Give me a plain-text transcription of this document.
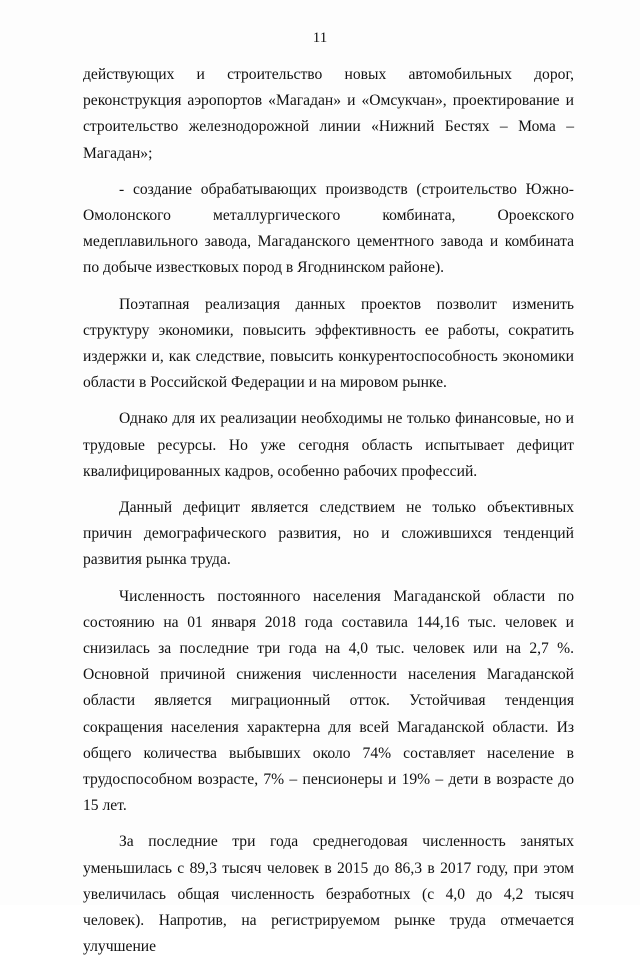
11

действующих и строительство новых автомобильных дорог, реконструкция аэропортов «Магадан» и «Омсукчан», проектирование и строительство железнодорожной линии «Нижний Бестях – Мома – Магадан»;

- создание обрабатывающих производств (строительство Южно-Омолонского металлургического комбината, Ороекского медеплавильного завода, Магаданского цементного завода и комбината по добыче известковых пород в Ягоднинском районе).

Поэтапная реализация данных проектов позволит изменить структуру экономики, повысить эффективность ее работы, сократить издержки и, как следствие, повысить конкурентоспособность экономики области в Российской Федерации и на мировом рынке.

Однако для их реализации необходимы не только финансовые, но и трудовые ресурсы. Но уже сегодня область испытывает дефицит квалифицированных кадров, особенно рабочих профессий.

Данный дефицит является следствием не только объективных причин демографического развития, но и сложившихся тенденций развития рынка труда.

Численность постоянного населения Магаданской области по состоянию на 01 января 2018 года составила 144,16 тыс. человек и снизилась за последние три года на 4,0 тыс. человек или на 2,7 %. Основной причиной снижения численности населения Магаданской области является миграционный отток. Устойчивая тенденция сокращения населения характерна для всей Магаданской области. Из общего количества выбывших около 74% составляет население в трудоспособном возрасте, 7% – пенсионеры и 19% – дети в возрасте до 15 лет.

За последние три года среднегодовая численность занятых уменьшилась с 89,3 тысяч человек в 2015 до 86,3 в 2017 году, при этом увеличилась общая численность безработных (с 4,0 до 4,2 тысяч человек). Напротив, на регистрируемом рынке труда отмечается улучшение
